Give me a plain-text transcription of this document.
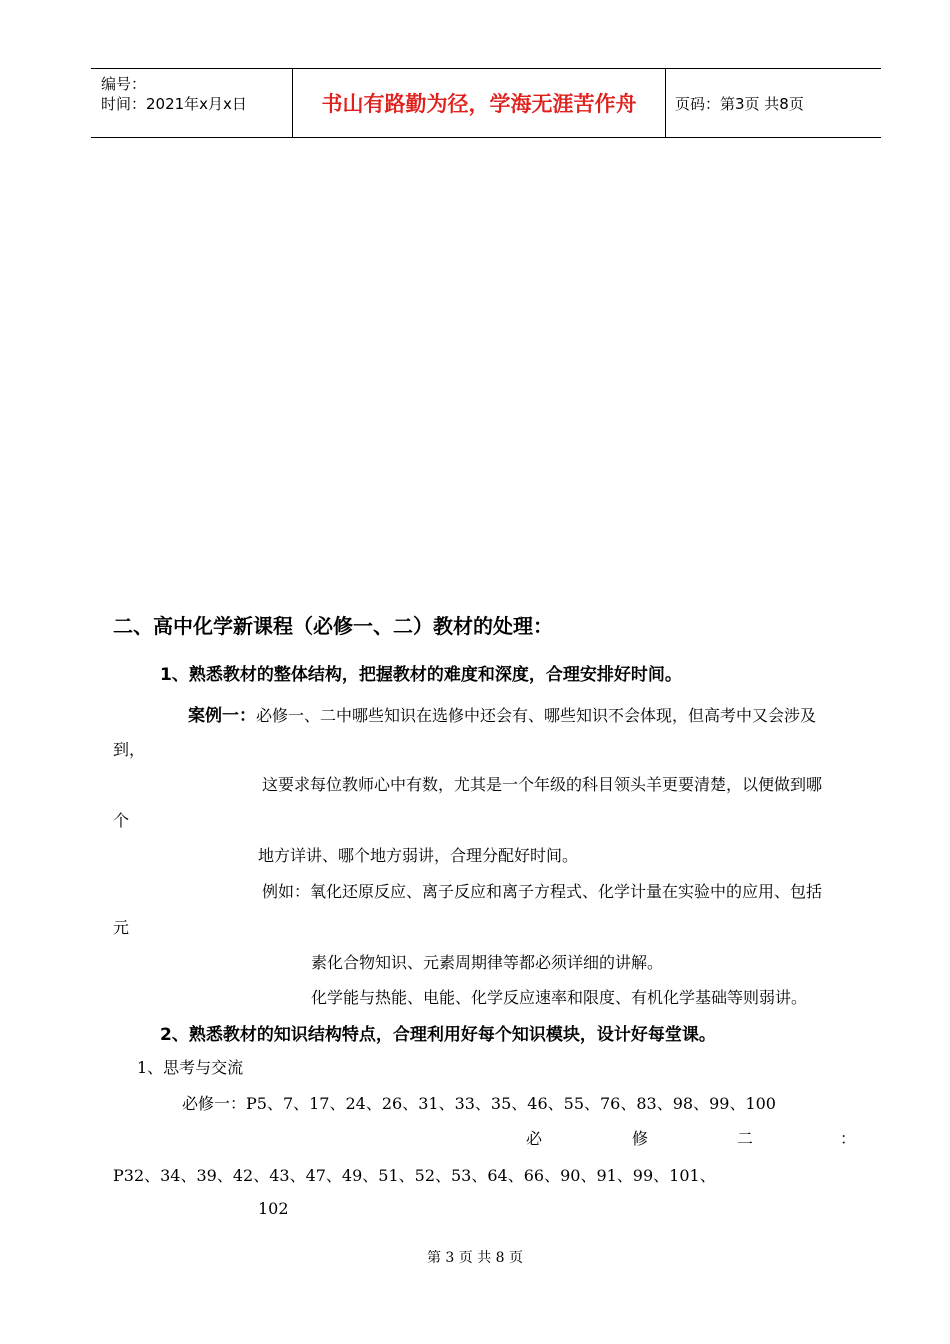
编号：
时间：2021年x月x日	书山有路勤为径，学海无涯苦作舟	页码：第3页 共8页
二、高中化学新课程（必修一、二）教材的处理：
1、熟悉教材的整体结构，把握教材的难度和深度，合理安排好时间。
案例一：必修一、二中哪些知识在选修中还会有、哪些知识不会体现，但高考中又会涉及
到，
这要求每位教师心中有数，尤其是一个年级的科目领头羊更要清楚，以便做到哪
个
地方详讲、哪个地方弱讲，合理分配好时间。
例如：氧化还原反应、离子反应和离子方程式、化学计量在实验中的应用、包括
元
素化合物知识、元素周期律等都必须详细的讲解。
化学能与热能、电能、化学反应速率和限度、有机化学基础等则弱讲。
2、熟悉教材的知识结构特点，合理利用好每个知识模块，设计好每堂课。
1、思考与交流
必修一：P5、7、17、24、26、31、33、35、46、55、76、83、98、99、100
必	修	二	：
P32、34、39、42、43、47、49、51、52、53、64、66、90、91、99、101、
102
第 3 页 共 8 页
